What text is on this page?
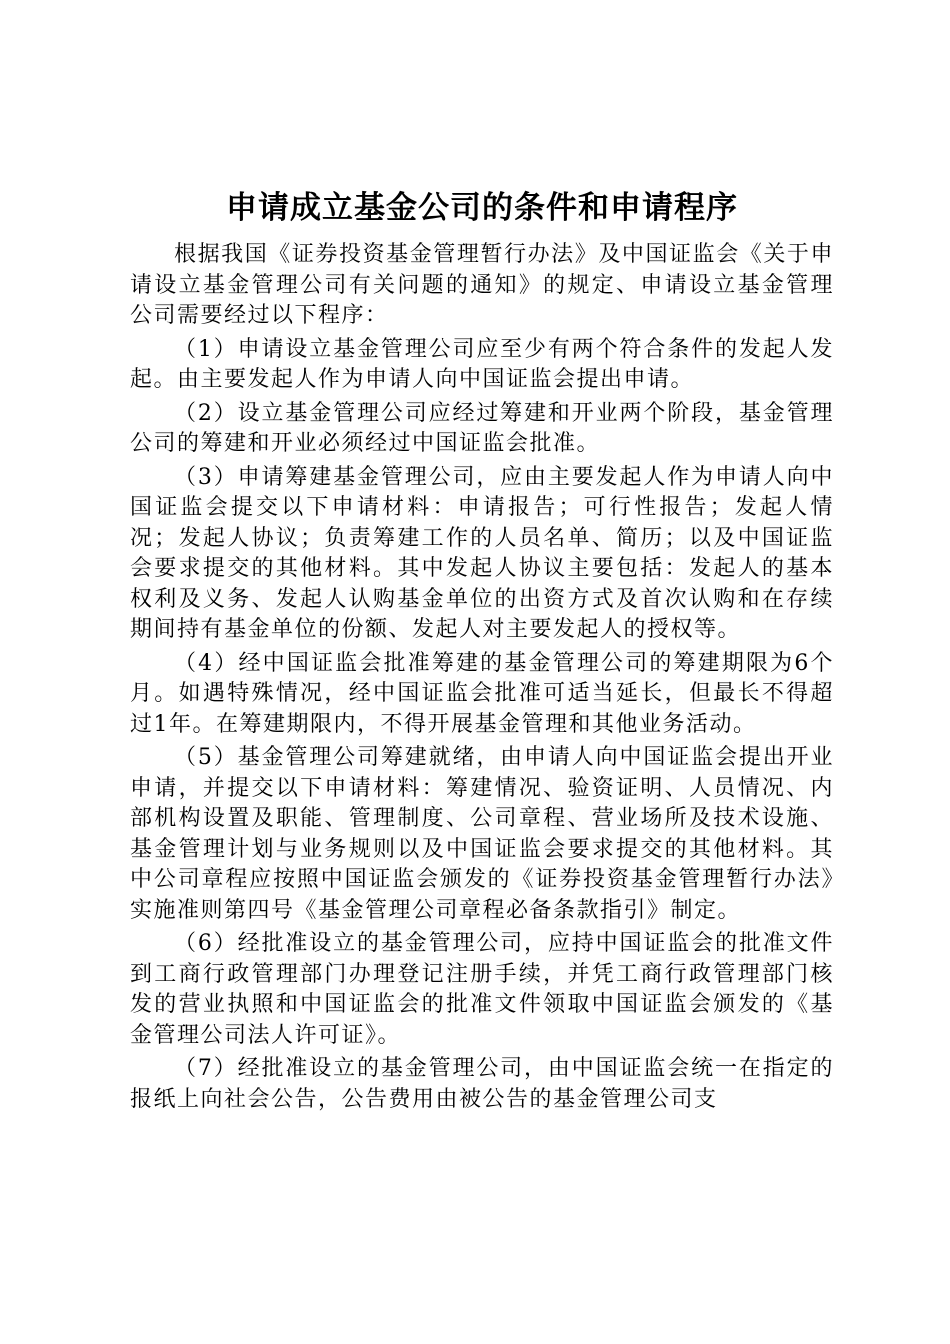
申请成立基金公司的条件和申请程序

根据我国《证券投资基金管理暂行办法》及中国证监会《关于申请设立基金管理公司有关问题的通知》的规定、申请设立基金管理公司需要经过以下程序：

（1）申请设立基金管理公司应至少有两个符合条件的发起人发起。由主要发起人作为申请人向中国证监会提出申请。

（2）设立基金管理公司应经过筹建和开业两个阶段，基金管理公司的筹建和开业必须经过中国证监会批准。

（3）申请筹建基金管理公司，应由主要发起人作为申请人向中国证监会提交以下申请材料：申请报告；可行性报告；发起人情况；发起人协议；负责筹建工作的人员名单、简历；以及中国证监会要求提交的其他材料。其中发起人协议主要包括：发起人的基本权利及义务、发起人认购基金单位的出资方式及首次认购和在存续期间持有基金单位的份额、发起人对主要发起人的授权等。

（4）经中国证监会批准筹建的基金管理公司的筹建期限为6个月。如遇特殊情况，经中国证监会批准可适当延长，但最长不得超过1年。在筹建期限内，不得开展基金管理和其他业务活动。

（5）基金管理公司筹建就绪，由申请人向中国证监会提出开业申请，并提交以下申请材料：筹建情况、验资证明、人员情况、内部机构设置及职能、管理制度、公司章程、营业场所及技术设施、基金管理计划与业务规则以及中国证监会要求提交的其他材料。其中公司章程应按照中国证监会颁发的《证券投资基金管理暂行办法》实施准则第四号《基金管理公司章程必备条款指引》制定。

（6）经批准设立的基金管理公司，应持中国证监会的批准文件到工商行政管理部门办理登记注册手续，并凭工商行政管理部门核发的营业执照和中国证监会的批准文件领取中国证监会颁发的《基金管理公司法人许可证》。

（7）经批准设立的基金管理公司，由中国证监会统一在指定的报纸上向社会公告，公告费用由被公告的基金管理公司支
